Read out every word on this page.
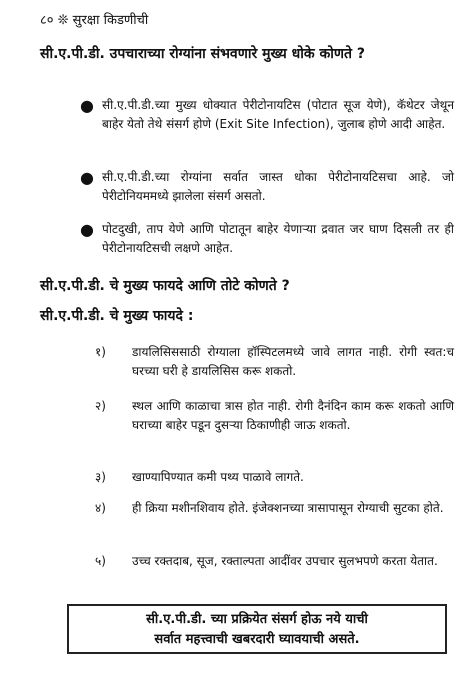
८० ❊ सुरक्षा किडणीची
सी.ए.पी.डी. उपचाराच्या रोग्यांना संभवणारे मुख्य धोके कोणते ?
● सी.ए.पी.डी.च्या मुख्य धोक्यात पेरीटोनायटिस (पोटात सूज येणे), कॅथेटर जेथून बाहेर येतो तेथे संसर्ग होणे (Exit Site Infection), जुलाब होणे आदी आहेत.
● सी.ए.पी.डी.च्या रोग्यांना सर्वात जास्त धोका पेरीटोनायटिसचा आहे. जो पेरीटोनियममध्ये झालेला संसर्ग असतो.
● पोटदुखी, ताप येणे आणि पोटातून बाहेर येणाऱ्या द्रवात जर घाण दिसली तर ही पेरीटोनायटिसची लक्षणे आहेत.
सी.ए.पी.डी. चे मुख्य फायदे आणि तोटे कोणते ?
सी.ए.पी.डी. चे मुख्य फायदे :
१) डायलिसिससाठी रोग्याला हॉस्पिटलमध्ये जावे लागत नाही. रोगी स्वत:च घरच्या घरी हे डायलिसिस करू शकतो.
२) स्थल आणि काळाचा त्रास होत नाही. रोगी दैनंदिन काम करू शकतो आणि घराच्या बाहेर पडून दुसऱ्या ठिकाणीही जाऊ शकतो.
३) खाण्यापिण्यात कमी पथ्य पाळावे लागते.
४) ही क्रिया मशीनशिवाय होते. इंजेक्शनच्या त्रासापासून रोग्याची सुटका होते.
५) उच्च रक्तदाब, सूज, रक्ताल्पता आदींवर उपचार सुलभपणे करता येतात.
सी.ए.पी.डी. च्या प्रक्रियेत संसर्ग होऊ नये याची
सर्वात महत्त्वाची खबरदारी घ्यावयाची असते.
